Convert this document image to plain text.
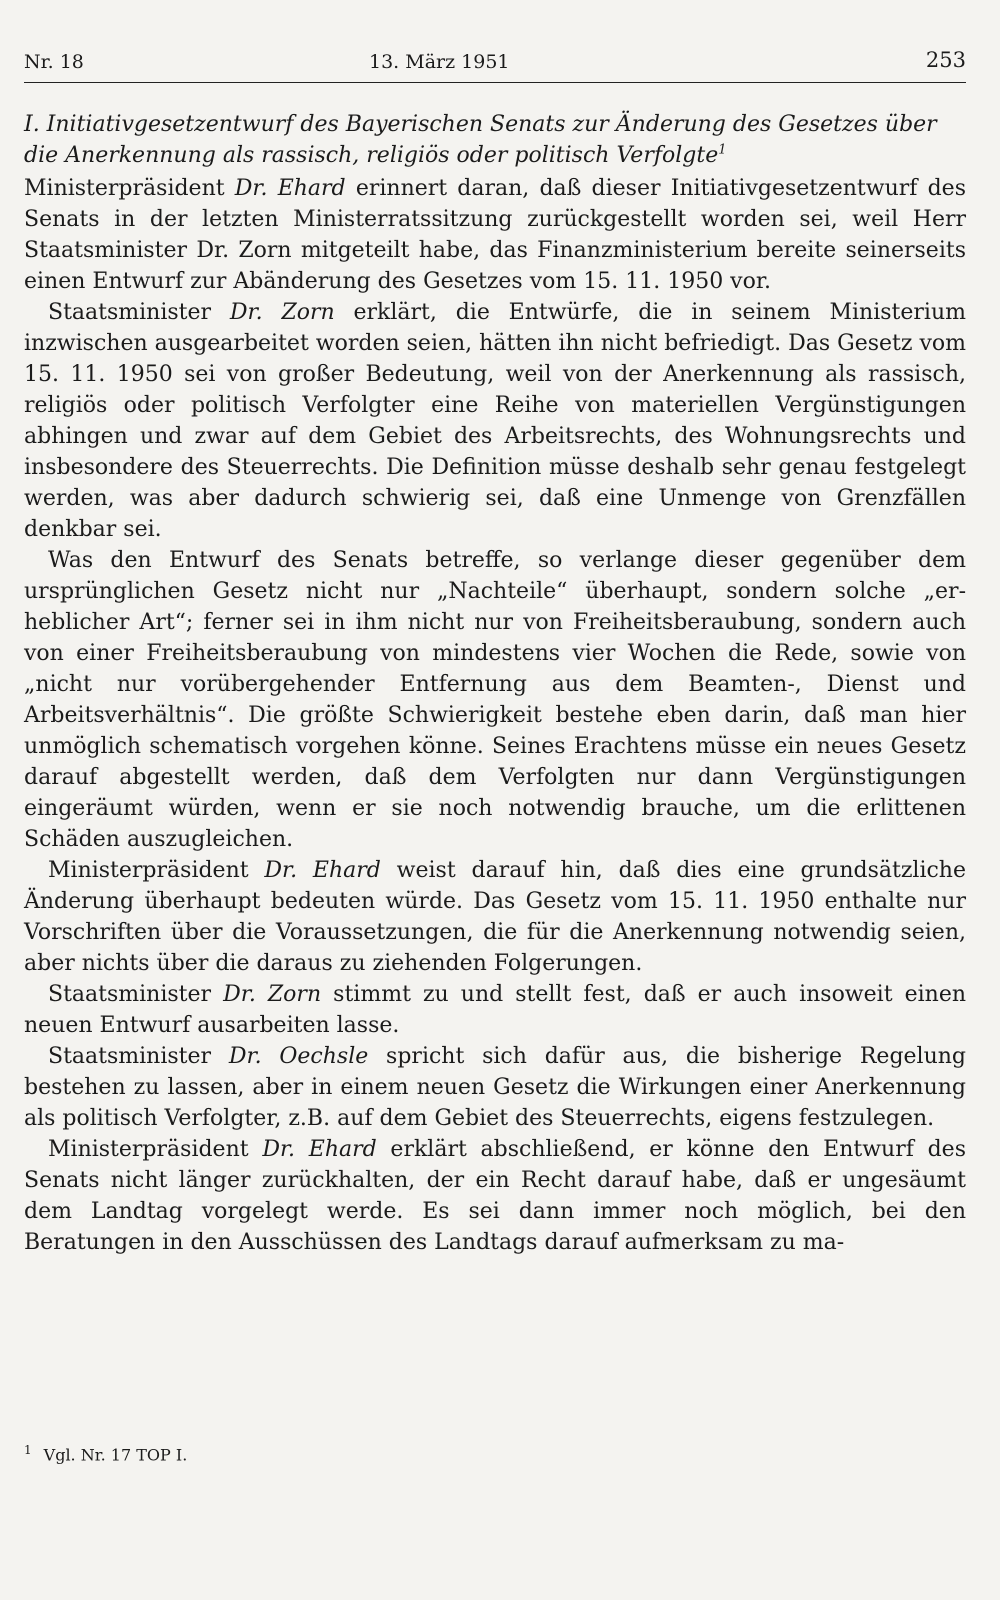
Nr. 18	13. März 1951	253
I. Initiativgesetzentwurf des Bayerischen Senats zur Änderung des Gesetzes über die Anerkennung als rassisch, religiös oder politisch Verfolgte$^1$

Ministerpräsident Dr. Ehard erinnert daran, daß dieser Initiativgesetzentwurf des Senats in der letzten Ministerratssitzung zurückgestellt worden sei, weil Herr Staatsminister Dr. Zorn mitgeteilt habe, das Finanzministerium bereite seinerseits einen Entwurf zur Abänderung des Gesetzes vom 15. 11. 1950 vor.

Staatsminister Dr. Zorn erklärt, die Entwürfe, die in seinem Ministerium inzwischen ausgearbeitet worden seien, hätten ihn nicht befriedigt. Das Gesetz vom 15. 11. 1950 sei von großer Bedeutung, weil von der Anerkennung als rassisch, religiös oder politisch Verfolgter eine Reihe von materiellen Vergünstigungen abhingen und zwar auf dem Gebiet des Arbeitsrechts, des Wohnungsrechts und insbesondere des Steuerrechts. Die Definition müsse deshalb sehr genau festgelegt werden, was aber dadurch schwierig sei, daß eine Unmenge von Grenzfällen denkbar sei.

Was den Entwurf des Senats betreffe, so verlange dieser gegenüber dem ursprünglichen Gesetz nicht nur „Nachteile“ überhaupt, sondern solche „erheblicher Art“; ferner sei in ihm nicht nur von Freiheitsberaubung, sondern auch von einer Freiheitsberaubung von mindestens vier Wochen die Rede, sowie von „nicht nur vorübergehender Entfernung aus dem Beamten-, Dienst und Arbeitsverhältnis“. Die größte Schwierigkeit bestehe eben darin, daß man hier unmöglich schematisch vorgehen könne. Seines Erachtens müsse ein neues Gesetz darauf abgestellt werden, daß dem Verfolgten nur dann Vergünstigungen eingeräumt würden, wenn er sie noch notwendig brauche, um die erlittenen Schäden auszugleichen.

Ministerpräsident Dr. Ehard weist darauf hin, daß dies eine grundsätzliche Änderung überhaupt bedeuten würde. Das Gesetz vom 15. 11. 1950 enthalte nur Vorschriften über die Voraussetzungen, die für die Anerkennung notwendig seien, aber nichts über die daraus zu ziehenden Folgerungen.

Staatsminister Dr. Zorn stimmt zu und stellt fest, daß er auch insoweit einen neuen Entwurf ausarbeiten lasse.

Staatsminister Dr. Oechsle spricht sich dafür aus, die bisherige Regelung bestehen zu lassen, aber in einem neuen Gesetz die Wirkungen einer Anerkennung als politisch Verfolgter, z.B. auf dem Gebiet des Steuerrechts, eigens festzulegen.

Ministerpräsident Dr. Ehard erklärt abschließend, er könne den Entwurf des Senats nicht länger zurückhalten, der ein Recht darauf habe, daß er ungesäumt dem Landtag vorgelegt werde. Es sei dann immer noch möglich, bei den Beratungen in den Ausschüssen des Landtags darauf aufmerksam zu ma-

$^1$ Vgl. Nr. 17 TOP I.
